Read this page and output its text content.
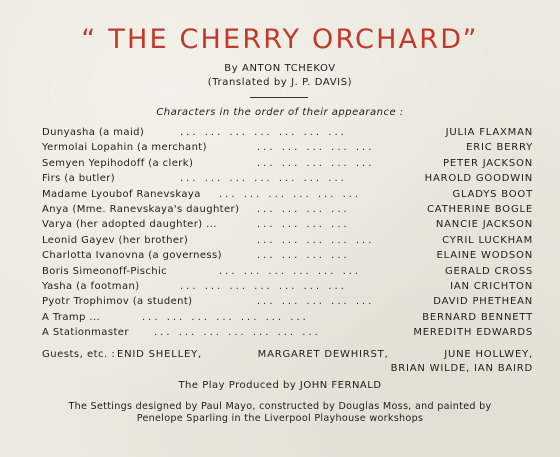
“ THE CHERRY ORCHARD”
By ANTON TCHEKOV
(Translated by J. P. DAVIS)
Characters in the order of their appearance :
Dunyasha (a maid)	... ... ... ... ... ... ...	JULIA FLAXMAN
Yermolai Lopahin (a merchant)	... ... ... ... ...	ERIC BERRY
Semyen Yepihodoff (a clerk)	... ... ... ... ...	PETER JACKSON
Firs (a butler)	... ... ... ... ... ... ...	HAROLD GOODWIN
Madame Lyoubof Ranevskaya ... ... ... ... ... ...	GLADYS BOOT
Anya (Mme. Ranevskaya's daughter) ... ... ... ...	CATHERINE BOGLE
Varya (her adopted daughter) ...	... ... ... ...	NANCIE JACKSON
Leonid Gayev (her brother)	... ... ... ... ...	CYRIL LUCKHAM
Charlotta Ivanovna (a governess)	... ... ... ...	ELAINE WODSON
Boris Simeonoff-Pischic	... ... ... ... ... ...	GERALD CROSS
Yasha (a footman)	... ... ... ... ... ... ...	IAN CRICHTON
Pyotr Trophimov (a student)	... ... ... ... ...	DAVID PHETHEAN
A Tramp ...	... ... ... ... ... ... ...	BERNARD BENNETT
A Stationmaster	... ... ... ... ... ... ...	MEREDITH EDWARDS
Guests, etc. : ENID SHELLEY,	MARGARET DEWHIRST,	JUNE HOLLWEY,
BRIAN WILDE, IAN BAIRD
The Play Produced by JOHN FERNALD
The Settings designed by Paul Mayo, constructed by Douglas Moss, and painted by
Penelope Sparling in the Liverpool Playhouse workshops
